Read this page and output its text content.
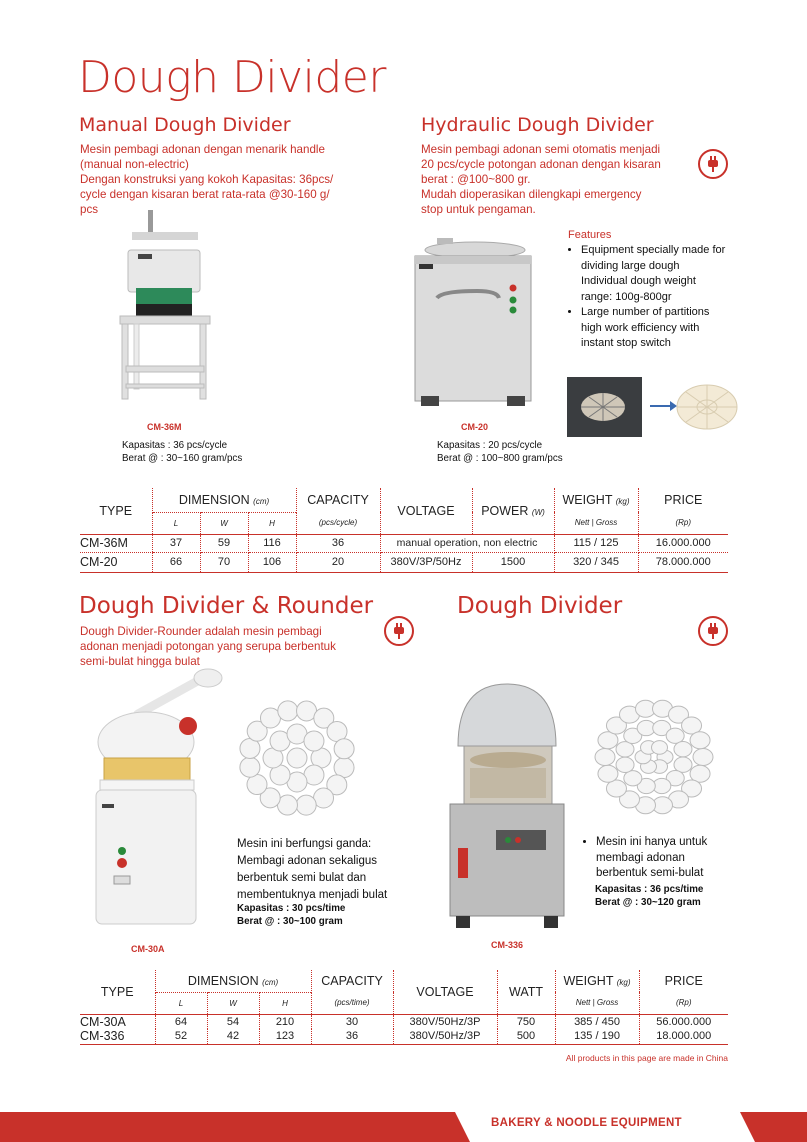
Dough Divider
Manual Dough Divider
Mesin pembagi adonan dengan menarik handle
(manual non-electric)
Dengan konstruksi yang kokoh Kapasitas: 36pcs/
cycle dengan kisaran berat rata-rata @30-160 g/
pcs
CM-36M
Kapasitas : 36 pcs/cycle
Berat @ : 30~160 gram/pcs
Hydraulic Dough Divider
Mesin pembagi adonan semi otomatis menjadi
20 pcs/cycle potongan adonan dengan kisaran
berat : @100~800 gr.
Mudah dioperasikan dilengkapi emergency
stop untuk pengaman.
CM-20
Kapasitas : 20 pcs/cycle
Berat @ : 100~800 gram/pcs
Features
• Equipment specially made for dividing large dough Individual dough weight range: 100g-800gr
• Large number of partitions high work efficiency with instant stop switch
TYPE	DIMENSION (cm)			CAPACITY	VOLTAGE	POWER (W)	WEIGHT (kg)	PRICE
	L	W	H	(pcs/cycle)			Nett | Gross	(Rp)
CM-36M	37	59	116	36	manual operation, non electric		115 / 125	16.000.000
CM-20	66	70	106	20	380V/3P/50Hz	1500	320 / 345	78.000.000
Dough Divider & Rounder
Dough Divider-Rounder adalah mesin pembagi
adonan menjadi potongan yang serupa berbentuk
semi-bulat hingga bulat
CM-30A
Mesin ini berfungsi ganda:
Membagi adonan sekaligus
berbentuk semi bulat dan
membentuknya menjadi bulat
Kapasitas : 30 pcs/time
Berat @ : 30~100 gram
Dough Divider
CM-336
• Mesin ini hanya untuk
membagi adonan
berbentuk semi-bulat
Kapasitas : 36 pcs/time
Berat @ : 30~120 gram
TYPE	DIMENSION (cm)			CAPACITY	VOLTAGE	WATT	WEIGHT (kg)	PRICE
	L	W	H	(pcs/time)			Nett | Gross	(Rp)
CM-30A	64	54	210	30	380V/50Hz/3P	750	385 / 450	56.000.000
CM-336	52	42	123	36	380V/50Hz/3P	500	135 / 190	18.000.000
All products in this page are made in China
BAKERY & NOODLE EQUIPMENT
